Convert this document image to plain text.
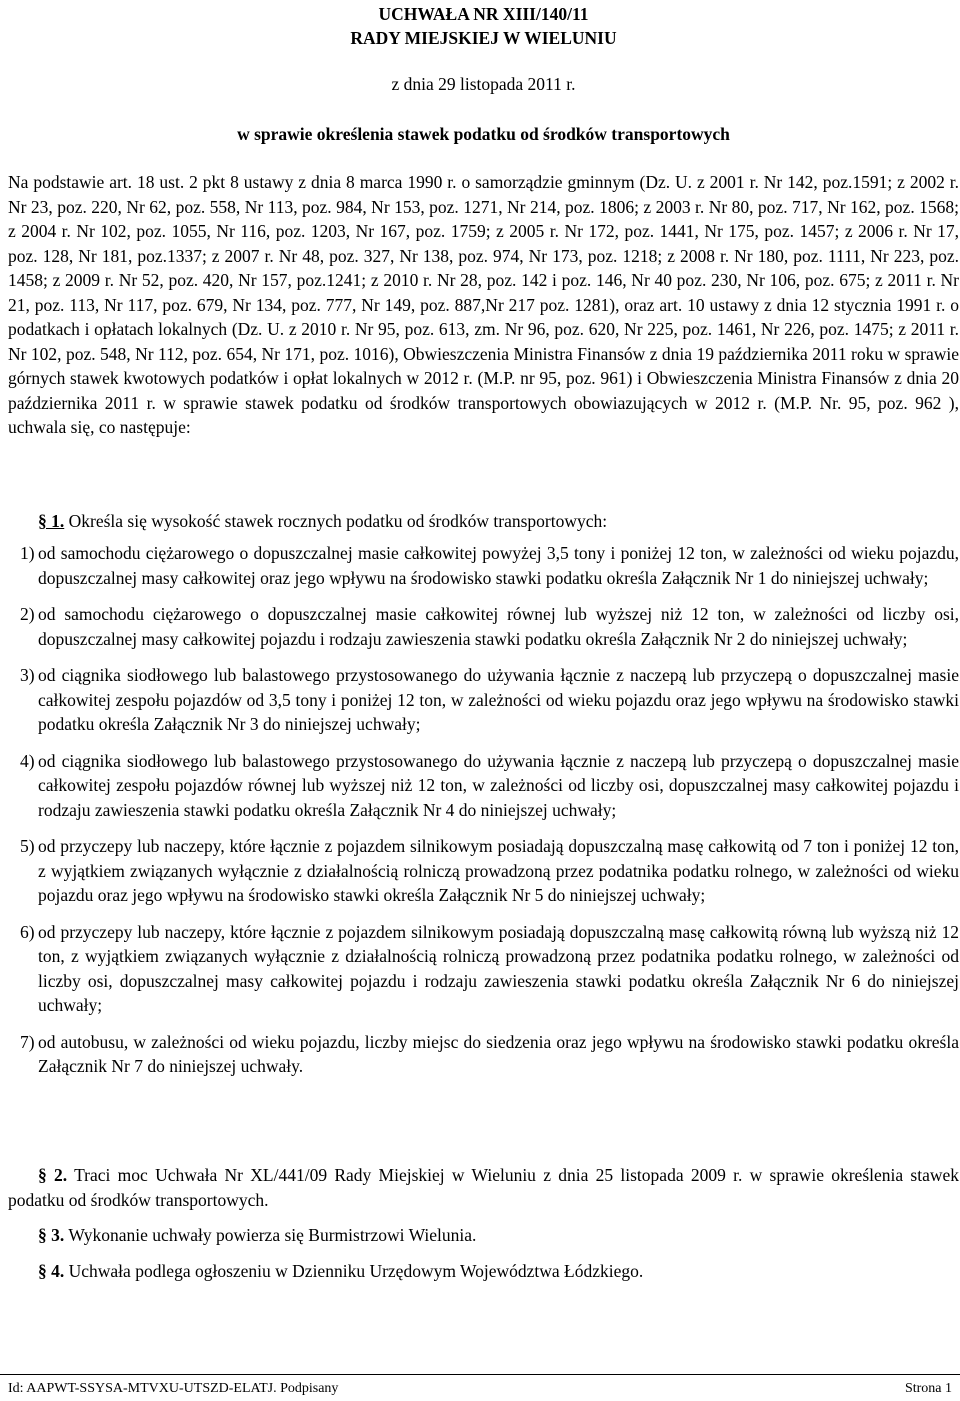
UCHWAŁA NR XIII/140/11
RADY MIEJSKIEJ W WIELUNIU
z dnia 29 listopada 2011 r.
w sprawie określenia stawek podatku od środków transportowych
Na podstawie art. 18 ust. 2 pkt 8 ustawy z dnia 8 marca 1990 r. o samorządzie gminnym (Dz. U. z 2001 r. Nr 142, poz.1591; z 2002 r. Nr 23, poz. 220, Nr 62, poz. 558, Nr 113, poz. 984, Nr 153, poz. 1271, Nr 214, poz. 1806; z 2003 r. Nr 80, poz. 717, Nr 162, poz. 1568; z 2004 r. Nr 102, poz. 1055, Nr 116, poz. 1203, Nr 167, poz. 1759; z 2005 r. Nr 172, poz. 1441, Nr 175, poz. 1457; z 2006 r. Nr 17, poz. 128, Nr 181, poz.1337; z 2007 r. Nr 48, poz. 327, Nr 138, poz. 974, Nr 173, poz. 1218; z 2008 r. Nr 180, poz. 1111, Nr 223, poz. 1458; z 2009 r. Nr 52, poz. 420, Nr 157, poz.1241; z 2010 r. Nr 28, poz. 142 i poz. 146, Nr 40 poz. 230, Nr 106, poz. 675; z 2011 r. Nr 21, poz. 113, Nr 117, poz. 679, Nr 134, poz. 777, Nr 149, poz. 887,Nr 217 poz. 1281), oraz art. 10 ustawy z dnia 12 stycznia 1991 r. o podatkach i opłatach lokalnych (Dz. U. z 2010 r. Nr 95, poz. 613, zm. Nr 96, poz. 620, Nr 225, poz. 1461, Nr 226, poz. 1475; z 2011 r. Nr 102, poz. 548, Nr 112, poz. 654, Nr 171, poz. 1016), Obwieszczenia Ministra Finansów z dnia 19 października 2011 roku w sprawie górnych stawek kwotowych podatków i opłat lokalnych w 2012 r. (M.P. nr 95, poz. 961) i Obwieszczenia Ministra Finansów z dnia 20 października 2011 r. w sprawie stawek podatku od środków transportowych obowiazujących w 2012 r. (M.P. Nr. 95, poz. 962 ), uchwala się, co następuje:
§ 1. Określa się wysokość stawek rocznych podatku od środków transportowych:
1) od samochodu ciężarowego o dopuszczalnej masie całkowitej powyżej 3,5 tony i poniżej 12 ton, w zależności od wieku pojazdu, dopuszczalnej masy całkowitej oraz jego wpływu na środowisko stawki podatku określa Załącznik Nr 1 do niniejszej uchwały;
2) od samochodu ciężarowego o dopuszczalnej masie całkowitej równej lub wyższej niż 12 ton, w zależności od liczby osi, dopuszczalnej masy całkowitej pojazdu i rodzaju zawieszenia stawki podatku określa Załącznik Nr 2 do niniejszej uchwały;
3) od ciągnika siodłowego lub balastowego przystosowanego do używania łącznie z naczepą lub przyczepą o dopuszczalnej masie całkowitej zespołu pojazdów od 3,5 tony i poniżej 12 ton, w zależności od wieku pojazdu oraz jego wpływu na środowisko stawki podatku określa Załącznik Nr 3 do niniejszej uchwały;
4) od ciągnika siodłowego lub balastowego przystosowanego do używania łącznie z naczepą lub przyczepą o dopuszczalnej masie całkowitej zespołu pojazdów równej lub wyższej niż 12 ton, w zależności od liczby osi, dopuszczalnej masy całkowitej pojazdu i rodzaju zawieszenia stawki podatku określa Załącznik Nr 4 do niniejszej uchwały;
5) od przyczepy lub naczepy, które łącznie z pojazdem silnikowym posiadają dopuszczalną masę całkowitą od 7 ton i poniżej 12 ton, z wyjątkiem związanych wyłącznie z działalnością rolniczą prowadzoną przez podatnika podatku rolnego, w zależności od wieku pojazdu oraz jego wpływu na środowisko stawki określa Załącznik Nr 5 do niniejszej uchwały;
6) od przyczepy lub naczepy, które łącznie z pojazdem silnikowym posiadają dopuszczalną masę całkowitą równą lub wyższą niż 12 ton, z wyjątkiem związanych wyłącznie z działalnością rolniczą prowadzoną przez podatnika podatku rolnego, w zależności od liczby osi, dopuszczalnej masy całkowitej pojazdu i rodzaju zawieszenia stawki podatku określa Załącznik Nr 6 do niniejszej uchwały;
7) od autobusu, w zależności od wieku pojazdu, liczby miejsc do siedzenia oraz jego wpływu na środowisko stawki podatku określa Załącznik Nr 7 do niniejszej uchwały.
§ 2. Traci moc Uchwała Nr XL/441/09 Rady Miejskiej w Wieluniu z dnia 25 listopada 2009 r. w sprawie określenia stawek podatku od środków transportowych.
§ 3. Wykonanie uchwały powierza się Burmistrzowi Wielunia.
§ 4. Uchwała podlega ogłoszeniu w Dzienniku Urzędowym Województwa Łódzkiego.
Id: AAPWT-SSYSA-MTVXU-UTSZD-ELATJ. Podpisany	Strona 1
